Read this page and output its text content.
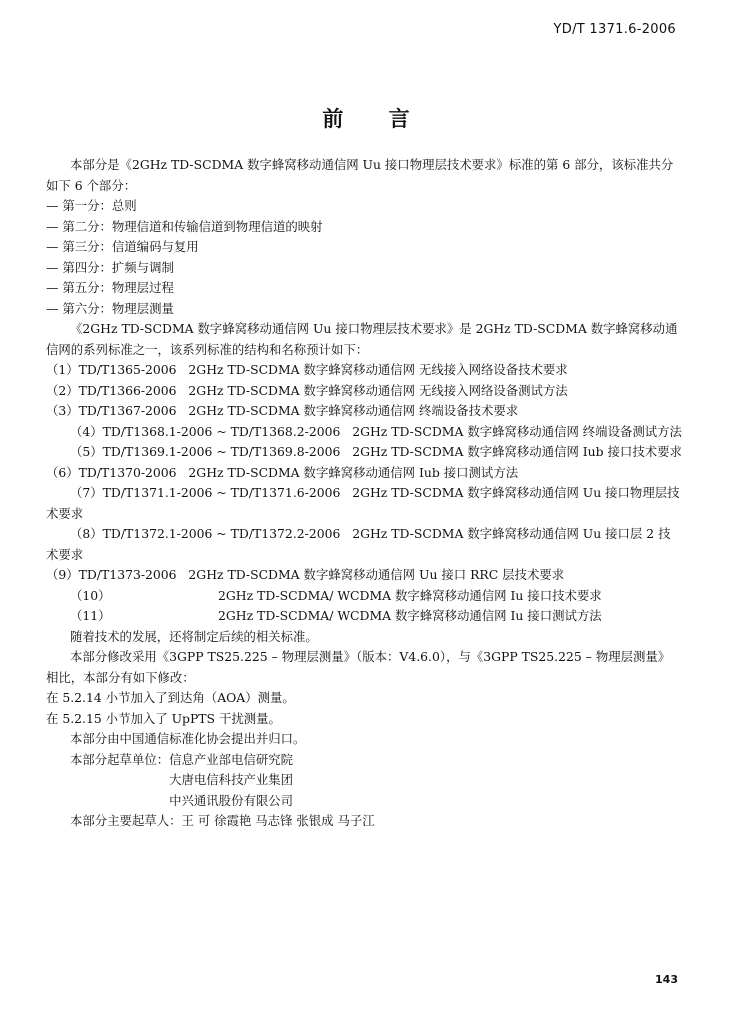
YD/T 1371.6-2006
前 言

本部分是《2GHz TD-SCDMA 数字蜂窝移动通信网 Uu 接口物理层技术要求》标准的第 6 部分，该标准共分如下 6 个部分：

— 第一分：总则

— 第二分：物理信道和传输信道到物理信道的映射

— 第三分：信道编码与复用

— 第四分：扩频与调制

— 第五分：物理层过程

— 第六分：物理层测量

《2GHz TD-SCDMA 数字蜂窝移动通信网 Uu 接口物理层技术要求》是 2GHz TD-SCDMA 数字蜂窝移动通信网的系列标准之一，该系列标准的结构和名称预计如下：

（1）TD/T1365-2006 2GHz TD-SCDMA 数字蜂窝移动通信网 无线接入网络设备技术要求

（2）TD/T1366-2006 2GHz TD-SCDMA 数字蜂窝移动通信网 无线接入网络设备测试方法

（3）TD/T1367-2006 2GHz TD-SCDMA 数字蜂窝移动通信网 终端设备技术要求

（4）TD/T1368.1-2006 ~ TD/T1368.2-2006 2GHz TD-SCDMA 数字蜂窝移动通信网 终端设备测试方法

（5）TD/T1369.1-2006 ~ TD/T1369.8-2006 2GHz TD-SCDMA 数字蜂窝移动通信网 Iub 接口技术要求

（6）TD/T1370-2006 2GHz TD-SCDMA 数字蜂窝移动通信网 Iub 接口测试方法

（7）TD/T1371.1-2006 ~ TD/T1371.6-2006 2GHz TD-SCDMA 数字蜂窝移动通信网 Uu 接口物理层技术要求

（8）TD/T1372.1-2006 ~ TD/T1372.2-2006 2GHz TD-SCDMA 数字蜂窝移动通信网 Uu 接口层 2 技术要求

（9）TD/T1373-2006 2GHz TD-SCDMA 数字蜂窝移动通信网 Uu 接口 RRC 层技术要求

（10）	2GHz TD-SCDMA/ WCDMA 数字蜂窝移动通信网 Iu 接口技术要求
（11）	2GHz TD-SCDMA/ WCDMA 数字蜂窝移动通信网 Iu 接口测试方法

随着技术的发展，还将制定后续的相关标准。

本部分修改采用《3GPP TS25.225 – 物理层测量》（版本：V4.6.0），与《3GPP TS25.225 – 物理层测量》相比，本部分有如下修改：

在 5.2.14 小节加入了到达角（AOA）测量。

在 5.2.15 小节加入了 UpPTS 干扰测量。

本部分由中国通信标准化协会提出并归口。

本部分起草单位： 信息产业部电信研究院
大唐电信科技产业集团
中兴通讯股份有限公司
本部分主要起草人： 王 可 徐霞艳 马志锋 张银成 马子江
143
